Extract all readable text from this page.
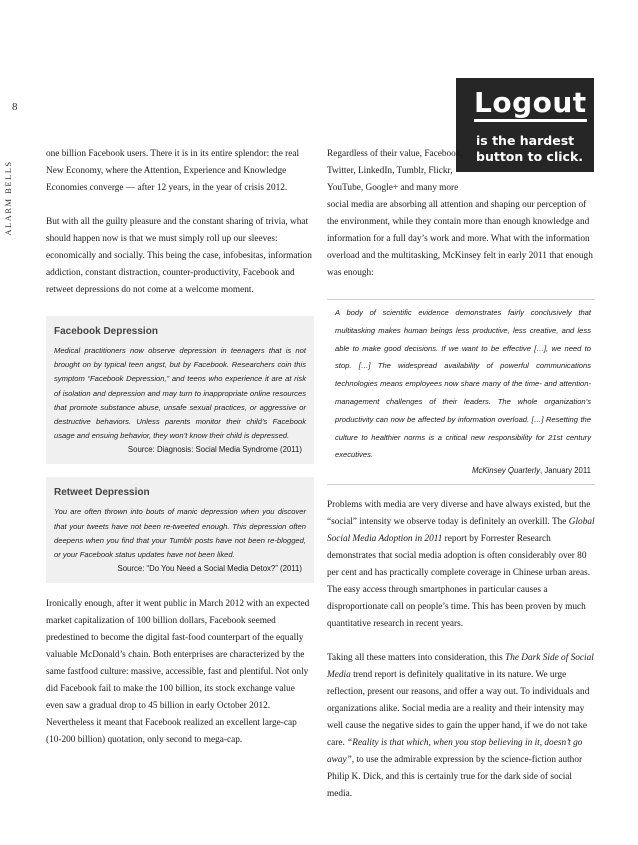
8
ALARM BELLS
Logout
is the hardest
button to click.

one billion Facebook users. There it is in its entire splendor: the real New Economy, where the Attention, Experience and Knowledge Economies converge — after 12 years, in the year of crisis 2012.

But with all the guilty pleasure and the constant sharing of trivia, what should happen now is that we must simply roll up our sleeves: economically and socially. This being the case, infobesitas, information addiction, constant distraction, counter-productivity, Facebook and retweet depressions do not come at a welcome moment.

Facebook Depression
Medical practitioners now observe depression in teenagers that is not brought on by typical teen angst, but by Facebook. Researchers coin this symptom “Facebook Depression,” and teens who experience it are at risk of isolation and depression and may turn to inappropriate online resources that promote substance abuse, unsafe sexual practices, or aggressive or destructive behaviors. Unless parents monitor their child’s Facebook usage and ensuing behavior, they won’t know their child is depressed.
Source: Diagnosis: Social Media Syndrome (2011)
Retweet Depression
You are often thrown into bouts of manic depression when you discover that your tweets have not been re-tweeted enough. This depression often deepens when you find that your Tumblr posts have not been re-blogged, or your Facebook status updates have not been liked.
Source: “Do You Need a Social Media Detox?” (2011)

Ironically enough, after it went public in March 2012 with an expected market capitalization of 100 billion dollars, Facebook seemed predestined to become the digital fast-food counterpart of the equally valuable McDonald’s chain. Both enterprises are characterized by the same fastfood culture: massive, accessible, fast and plentiful. Not only did Facebook fail to make the 100 billion, its stock exchange value even saw a gradual drop to 45 billion in early October 2012. Nevertheless it meant that Facebook realized an excellent large-cap (10-200 billion) quotation, only second to mega-cap.

Regardless of their value, Facebook, Twitter, LinkedIn, Tumblr, Flickr, YouTube, Google+ and many more social media are absorbing all attention and shaping our perception of the environment, while they contain more than enough knowledge and information for a full day’s work and more. What with the information overload and the multitasking, McKinsey felt in early 2011 that enough was enough:

A body of scientific evidence demonstrates fairly conclusively that multitasking makes human beings less productive, less creative, and less able to make good decisions. If we want to be effective […], we need to stop. […] The widespread availability of powerful communications technologies means employees now share many of the time- and attention-management challenges of their leaders. The whole organization’s productivity can now be affected by information overload. […] Resetting the culture to healthier norms is a critical new responsibility for 21st century executives.
McKinsey Quarterly, January 2011

Problems with media are very diverse and have always existed, but the “social” intensity we observe today is definitely an overkill. The Global Social Media Adoption in 2011 report by Forrester Research demonstrates that social media adoption is often considerably over 80 per cent and has practically complete coverage in Chinese urban areas. The easy access through smartphones in particular causes a disproportionate call on people’s time. This has been proven by much quantitative research in recent years.

Taking all these matters into consideration, this The Dark Side of Social Media trend report is definitely qualitative in its nature. We urge reflection, present our reasons, and offer a way out. To individuals and organizations alike. Social media are a reality and their intensity may well cause the negative sides to gain the upper hand, if we do not take care. “Reality is that which, when you stop believing in it, doesn’t go away”, to use the admirable expression by the science-fiction author Philip K. Dick, and this is certainly true for the dark side of social media.
